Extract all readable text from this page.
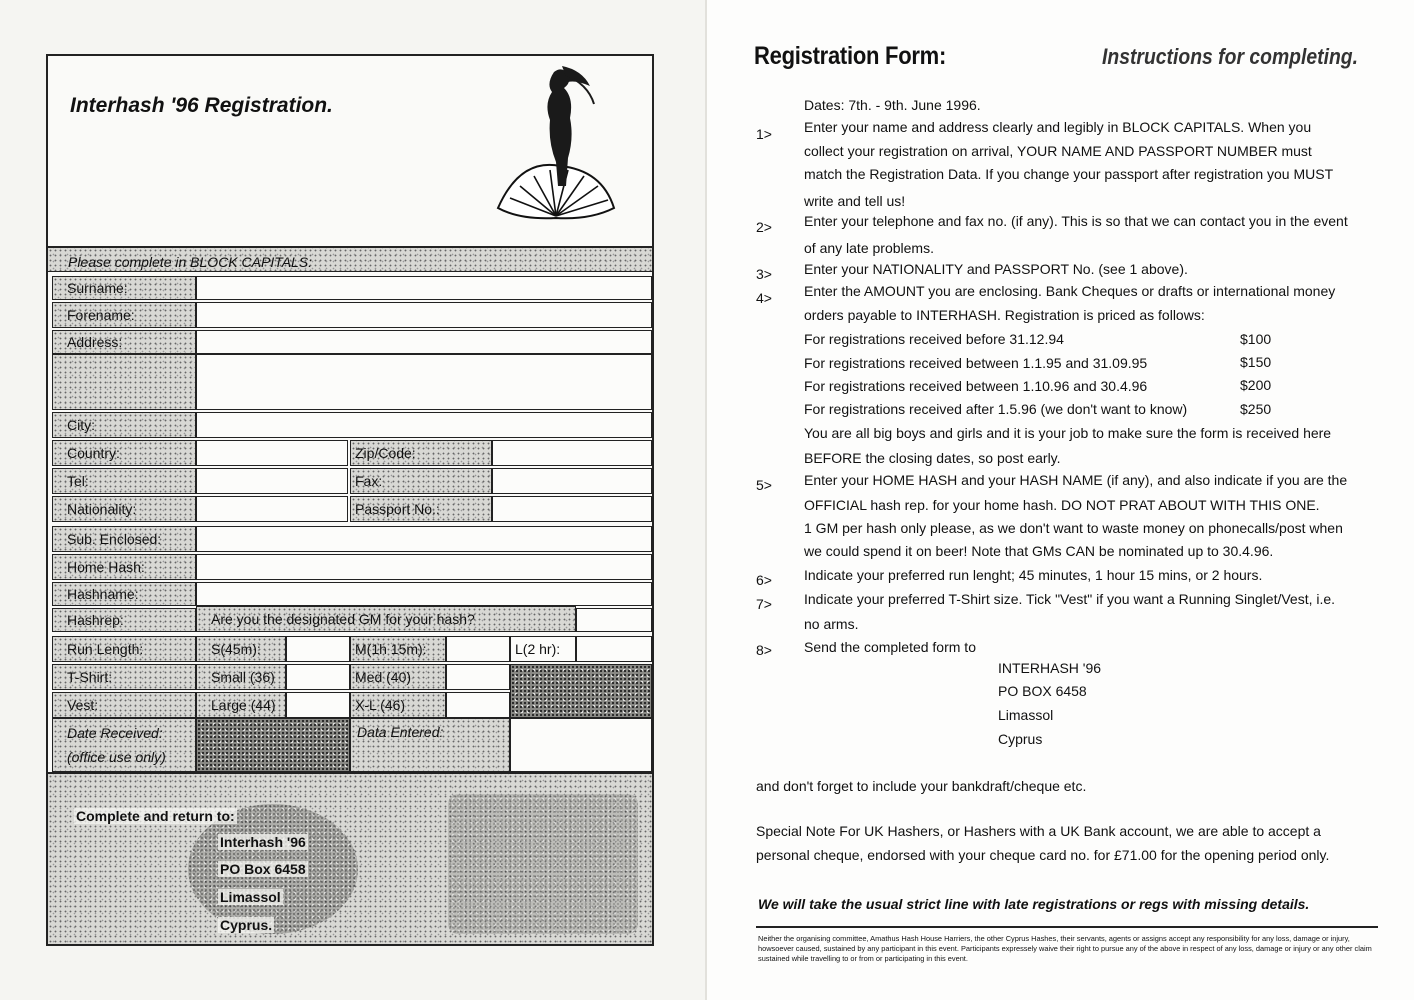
Interhash '96 Registration.
Please complete in BLOCK CAPITALS:
Surname:
Forename:
Address:
City:
Country:	Zip/Code:
Tel:	Fax:
Nationality:	Passport No.:
Sub. Enclosed:
Home Hash:
Hashname:
Hashrep:	Are you the designated GM for your hash?
Run Length:	S(45m):	M(1h 15m):	L(2 hr):
T-Shirt:	Small (36)	Med (40)
Vest:	Large (44)	X-L (46)
Date Received:
(office use only)
Data Entered:
Complete and return to:
Interhash '96
PO Box 6458
Limassol
Cyprus.
Registration Form:	Instructions for completing.
Dates: 7th. - 9th. June 1996.
1> Enter your name and address clearly and legibly in BLOCK CAPITALS. When you
collect your registration on arrival, YOUR NAME AND PASSPORT NUMBER must
match the Registration Data. If you change your passport after registration you MUST
write and tell us!
2> Enter your telephone and fax no. (if any). This is so that we can contact you in the event
of any late problems.
3> Enter your NATIONALITY and PASSPORT No. (see 1 above).
4> Enter the AMOUNT you are enclosing. Bank Cheques or drafts or international money
orders payable to INTERHASH. Registration is priced as follows:
For registrations received before 31.12.94	$100
For registrations received between 1.1.95 and 31.09.95	$150
For registrations received between 1.10.96 and 30.4.96	$200
For registrations received after 1.5.96 (we don't want to know)	$250
You are all big boys and girls and it is your job to make sure the form is received here
BEFORE the closing dates, so post early.
5> Enter your HOME HASH and your HASH NAME (if any), and also indicate if you are the
OFFICIAL hash rep. for your home hash. DO NOT PRAT ABOUT WITH THIS ONE.
1 GM per hash only please, as we don't want to waste money on phonecalls/post when
we could spend it on beer! Note that GMs CAN be nominated up to 30.4.96.
6> Indicate your preferred run lenght; 45 minutes, 1 hour 15 mins, or 2 hours.
7> Indicate your preferred T-Shirt size. Tick "Vest" if you want a Running Singlet/Vest, i.e.
no arms.
8> Send the completed form to
INTERHASH '96
PO BOX 6458
Limassol
Cyprus
and don't forget to include your bankdraft/cheque etc.
Special Note For UK Hashers, or Hashers with a UK Bank account, we are able to accept a
personal cheque, endorsed with your cheque card no. for £71.00 for the opening period only.
We will take the usual strict line with late registrations or regs with missing details.
Neither the organising committee, Amathus Hash House Harriers, the other Cyprus Hashes, their servants, agents or assigns accept any responsibility for any loss, damage or injury, howsoever caused, sustained by any participant in this event. Participants expressely waive their right to pursue any of the above in respect of any loss, damage or injury or any other claim sustained while travelling to or from or participating in this event.
